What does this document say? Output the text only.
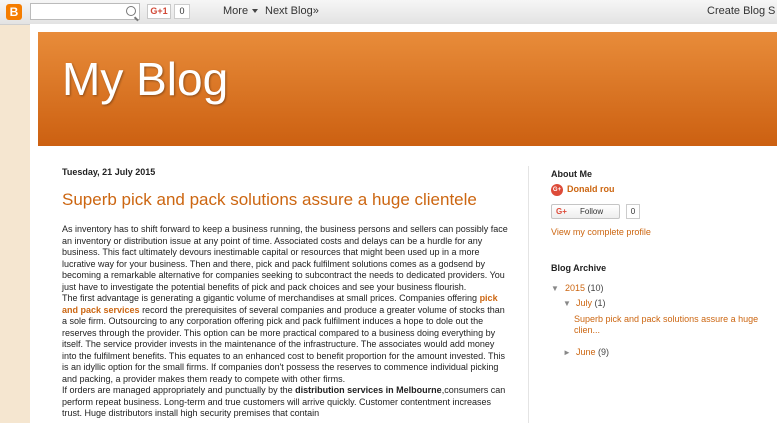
B	G+1	0	More	Next Blog»	Create Blog S
My Blog
Tuesday, 21 July 2015
Superb pick and pack solutions assure a huge clientele

As inventory has to shift forward to keep a business running, the business persons and sellers can possibly face an inventory or distribution issue at any point of time. Associated costs and delays can be a hurdle for any business. This fact ultimately devours inestimable capital or resources that might been used up in a more lucrative way for your business. Then and there, pick and pack fulfilment solutions comes as a godsend by becoming a remarkable alternative for companies seeking to subcontract the needs to dedicated providers. You just have to investigate the potential benefits of pick and pack choices and see your business flourish.

The first advantage is generating a gigantic volume of merchandises at small prices. Companies offering pick and pack services record the prerequisites of several companies and produce a greater volume of stocks than a sole firm. Outsourcing to any corporation offering pick and pack fulfilment induces a hope to dole out the reserves through the provider. This option can be more practical compared to a business doing everything by itself. The service provider invests in the maintenance of the infrastructure. The associates would add money into the fulfilment benefits. This equates to an enhanced cost to benefit proportion for the amount invested. This is an idyllic option for the small firms. If companies don't possess the reserves to commence individual picking and packing, a provider makes them ready to compete with other firms.

If orders are managed appropriately and punctually by the distribution services in Melbourne,consumers can perform repeat business. Long-term and true customers will arrive quickly. Customer contentment increases trust. Huge distributors install high security premises that contain

About Me
G+ Donald rou
G+ Follow	0
View my complete profile
Blog Archive
▼ 2015 (10)
▼ July (1)
Superb pick and pack solutions assure a huge clien...
► June (9)
